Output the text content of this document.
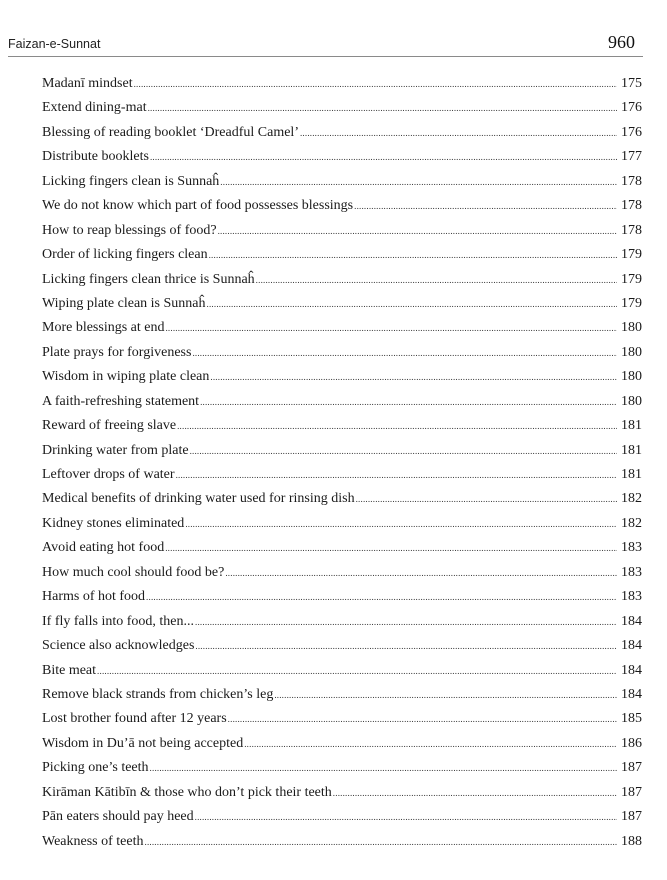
Faizan-e-Sunnat	960
Madanī mindset .....	175
Extend dining-mat .....	176
Blessing of reading booklet ‘Dreadful Camel’ .....	176
Distribute booklets .....	177
Licking fingers clean is Sunnaĥ .....	178
We do not know which part of food possesses blessings .....	178
How to reap blessings of food? .....	178
Order of licking fingers clean .....	179
Licking fingers clean thrice is Sunnaĥ .....	179
Wiping plate clean is Sunnaĥ .....	179
More blessings at end .....	180
Plate prays for forgiveness .....	180
Wisdom in wiping plate clean .....	180
A faith-refreshing statement .....	180
Reward of freeing slave .....	181
Drinking water from plate .....	181
Leftover drops of water .....	181
Medical benefits of drinking water used for rinsing dish .....	182
Kidney stones eliminated .....	182
Avoid eating hot food .....	183
How much cool should food be? .....	183
Harms of hot food .....	183
If fly falls into food, then... .....	184
Science also acknowledges .....	184
Bite meat .....	184
Remove black strands from chicken’s leg .....	184
Lost brother found after 12 years .....	185
Wisdom in Du’ā not being accepted .....	186
Picking one’s teeth .....	187
Kirāman Kātibīn & those who don’t pick their teeth .....	187
Pān eaters should pay heed .....	187
Weakness of teeth .....	188
